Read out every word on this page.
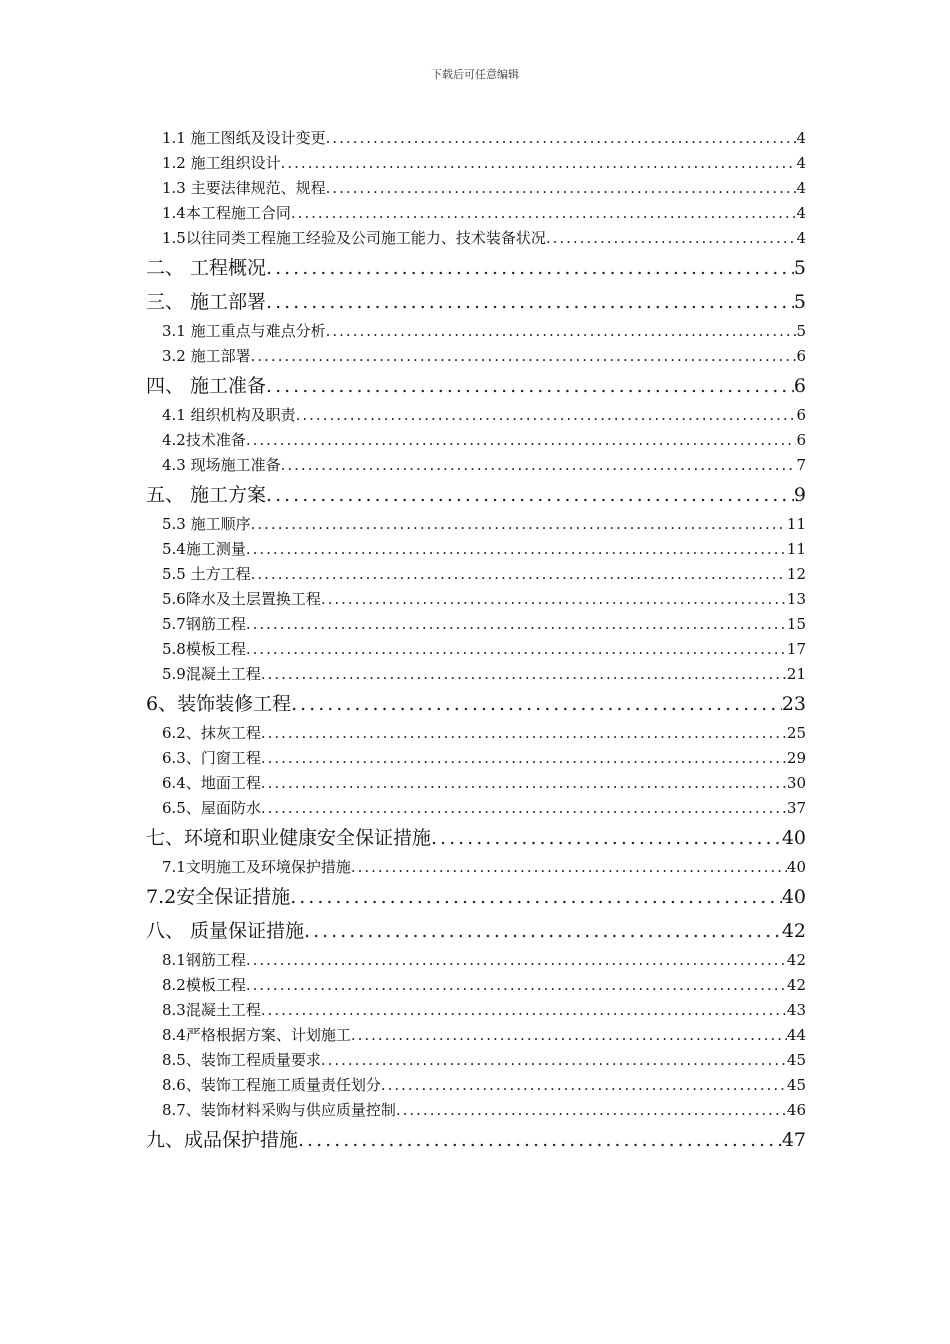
下载后可任意编辑
1.1 施工图纸及设计变更 .....	4
1.2 施工组织设计 .....	4
1.3 主要法律规范、规程 .....	4
1.4本工程施工合同 .....	4
1.5以往同类工程施工经验及公司施工能力、技术装备状况 .....	4
二、 工程概况 .....	5
三、 施工部署 .....	5
3.1 施工重点与难点分析 .....	5
3.2 施工部署 .....	6
四、 施工准备 .....	6
4.1 组织机构及职责 .....	6
4.2技术准备 .....	6
4.3 现场施工准备 .....	7
五、 施工方案 .....	9
5.3 施工顺序 .....	11
5.4施工测量 .....	11
5.5 土方工程 .....	12
5.6降水及土层置换工程 .....	13
5.7钢筋工程 .....	15
5.8模板工程 .....	17
5.9混凝土工程 .....	21
6、装饰装修工程 .....	23
6.2、抹灰工程 .....	25
6.3、门窗工程 .....	29
6.4、地面工程 .....	30
6.5、屋面防水 .....	37
七、环境和职业健康安全保证措施 .....	40
7.1文明施工及环境保护措施 .....	40
7.2安全保证措施 .....	40
八、 质量保证措施 .....	42
8.1钢筋工程 .....	42
8.2模板工程 .....	42
8.3混凝土工程 .....	43
8.4严格根据方案、计划施工 .....	44
8.5、装饰工程质量要求 .....	45
8.6、装饰工程施工质量责任划分 .....	45
8.7、装饰材料采购与供应质量控制 .....	46
九、成品保护措施 .....	47
